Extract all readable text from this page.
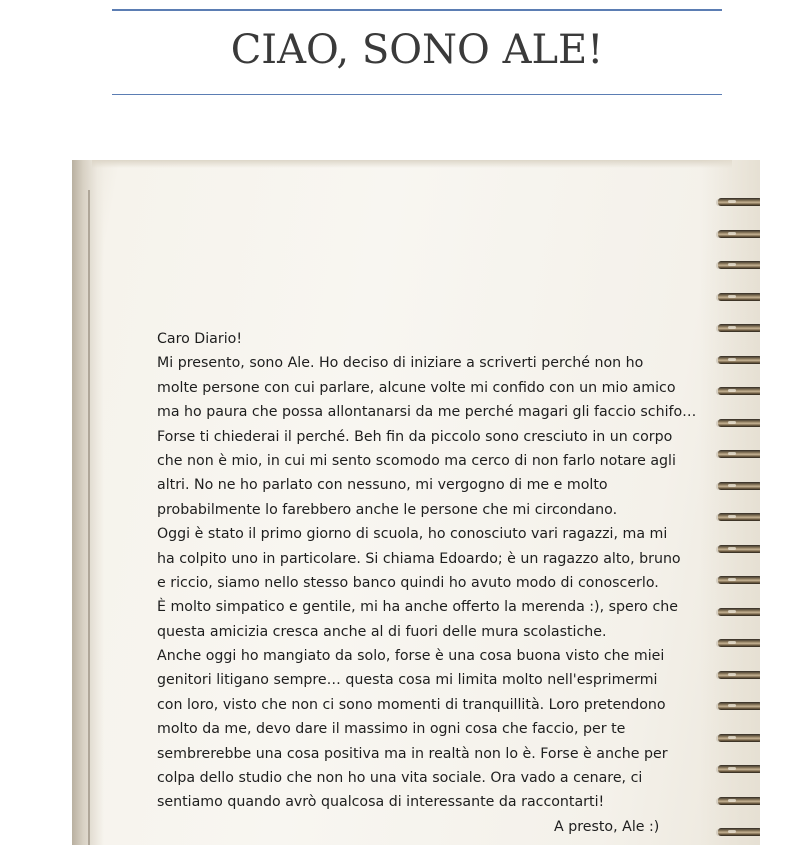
CIAO, SONO ALE!
Caro Diario!
Mi presento, sono Ale. Ho deciso di iniziare a scriverti perché non ho
molte persone con cui parlare, alcune volte mi confido con un mio amico
ma ho paura che possa allontanarsi da me perché magari gli faccio schifo…
Forse ti chiederai il perché. Beh fin da piccolo sono cresciuto in un corpo
che non è mio, in cui mi sento scomodo ma cerco di non farlo notare agli
altri. No ne ho parlato con nessuno, mi vergogno di me e molto
probabilmente lo farebbero anche le persone che mi circondano.
Oggi è stato il primo giorno di scuola, ho conosciuto vari ragazzi, ma mi
ha colpito uno in particolare. Si chiama Edoardo; è un ragazzo alto, bruno
e riccio, siamo nello stesso banco quindi ho avuto modo di conoscerlo.
È molto simpatico e gentile, mi ha anche offerto la merenda :), spero che
questa amicizia cresca anche al di fuori delle mura scolastiche.
Anche oggi ho mangiato da solo, forse è una cosa buona visto che miei
genitori litigano sempre… questa cosa mi limita molto nell'esprimermi
con loro, visto che non ci sono momenti di tranquillità. Loro pretendono
molto da me, devo dare il massimo in ogni cosa che faccio, per te
sembrerebbe una cosa positiva ma in realtà non lo è. Forse è anche per
colpa dello studio che non ho una vita sociale. Ora vado a cenare, ci
sentiamo quando avrò qualcosa di interessante da raccontarti!
A presto, Ale :)
